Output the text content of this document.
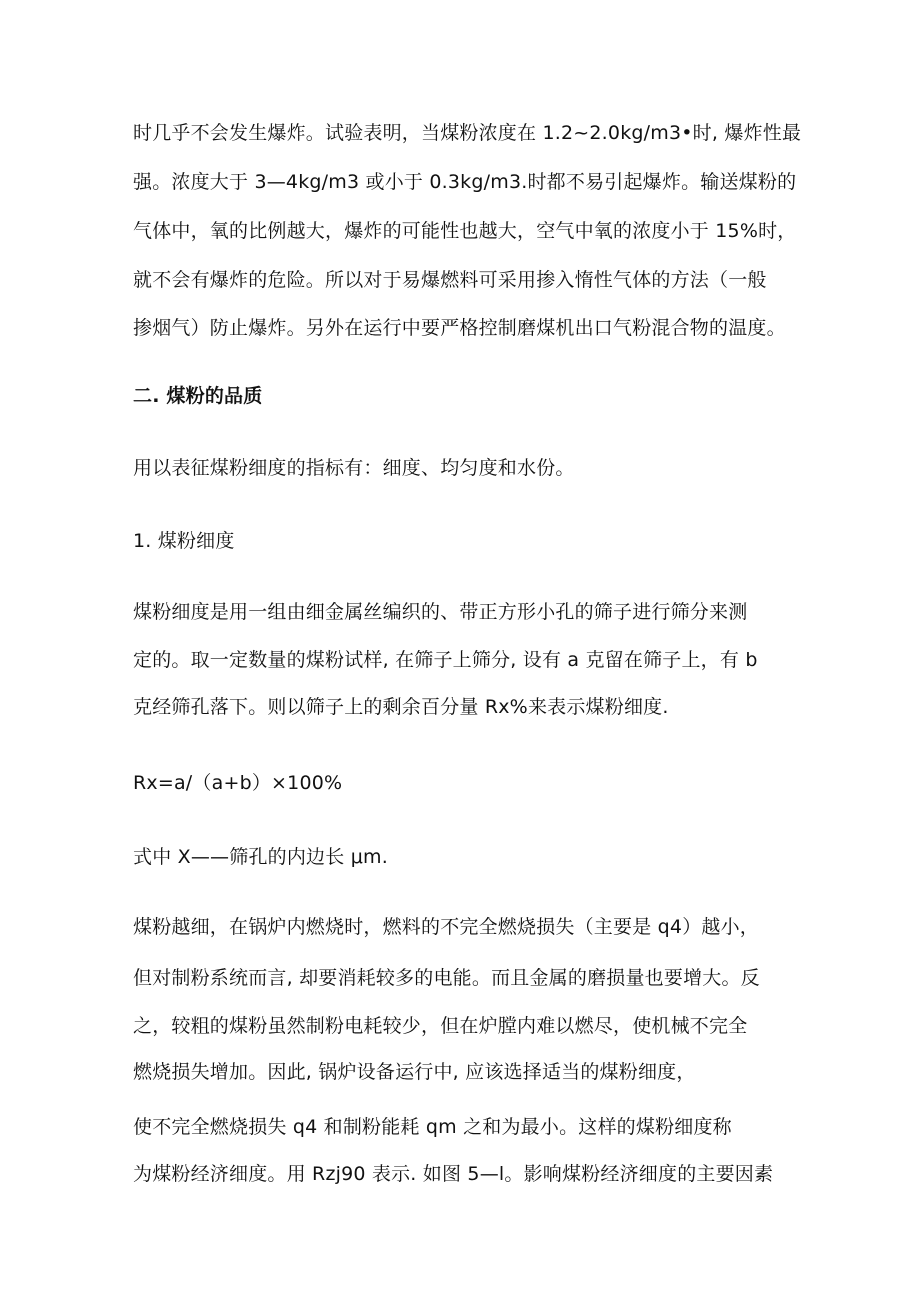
时几乎不会发生爆炸。试验表明，当煤粉浓度在 1.2~2.0kg∕m3•时, 爆炸性最
强。浓度大于 3—4kg/m3 或小于 0.3kg/m3.时都不易引起爆炸。输送煤粉的
气体中，氧的比例越大，爆炸的可能性也越大，空气中氧的浓度小于 15%时，
就不会有爆炸的危险。所以对于易爆燃料可采用掺入惰性气体的方法（一般
掺烟气）防止爆炸。另外在运行中要严格控制磨煤机出口气粉混合物的温度。
二. 煤粉的品质
用以表征煤粉细度的指标有：细度、均匀度和水份。
1. 煤粉细度
煤粉细度是用一组由细金属丝编织的、带正方形小孔的筛子进行筛分来测
定的。取一定数量的煤粉试样, 在筛子上筛分, 设有 a 克留在筛子上，有 b
克经筛孔落下。则以筛子上的剩余百分量 Rx%来表示煤粉细度.
Rx=a∕（a+b）×100%
式中 X——筛孔的内边长 μm.
煤粉越细，在锅炉内燃烧时，燃料的不完全燃烧损失（主要是 q4）越小，
但对制粉系统而言, 却要消耗较多的电能。而且金属的磨损量也要增大。反
之，较粗的煤粉虽然制粉电耗较少，但在炉膛内难以燃尽，使机械不完全
燃烧损失增加。因此, 锅炉设备运行中, 应该选择适当的煤粉细度，
使不完全燃烧损失 q4 和制粉能耗 qm 之和为最小。这样的煤粉细度称
为煤粉经济细度。用 Rzj90 表示. 如图 5—l。影响煤粉经济细度的主要因素
